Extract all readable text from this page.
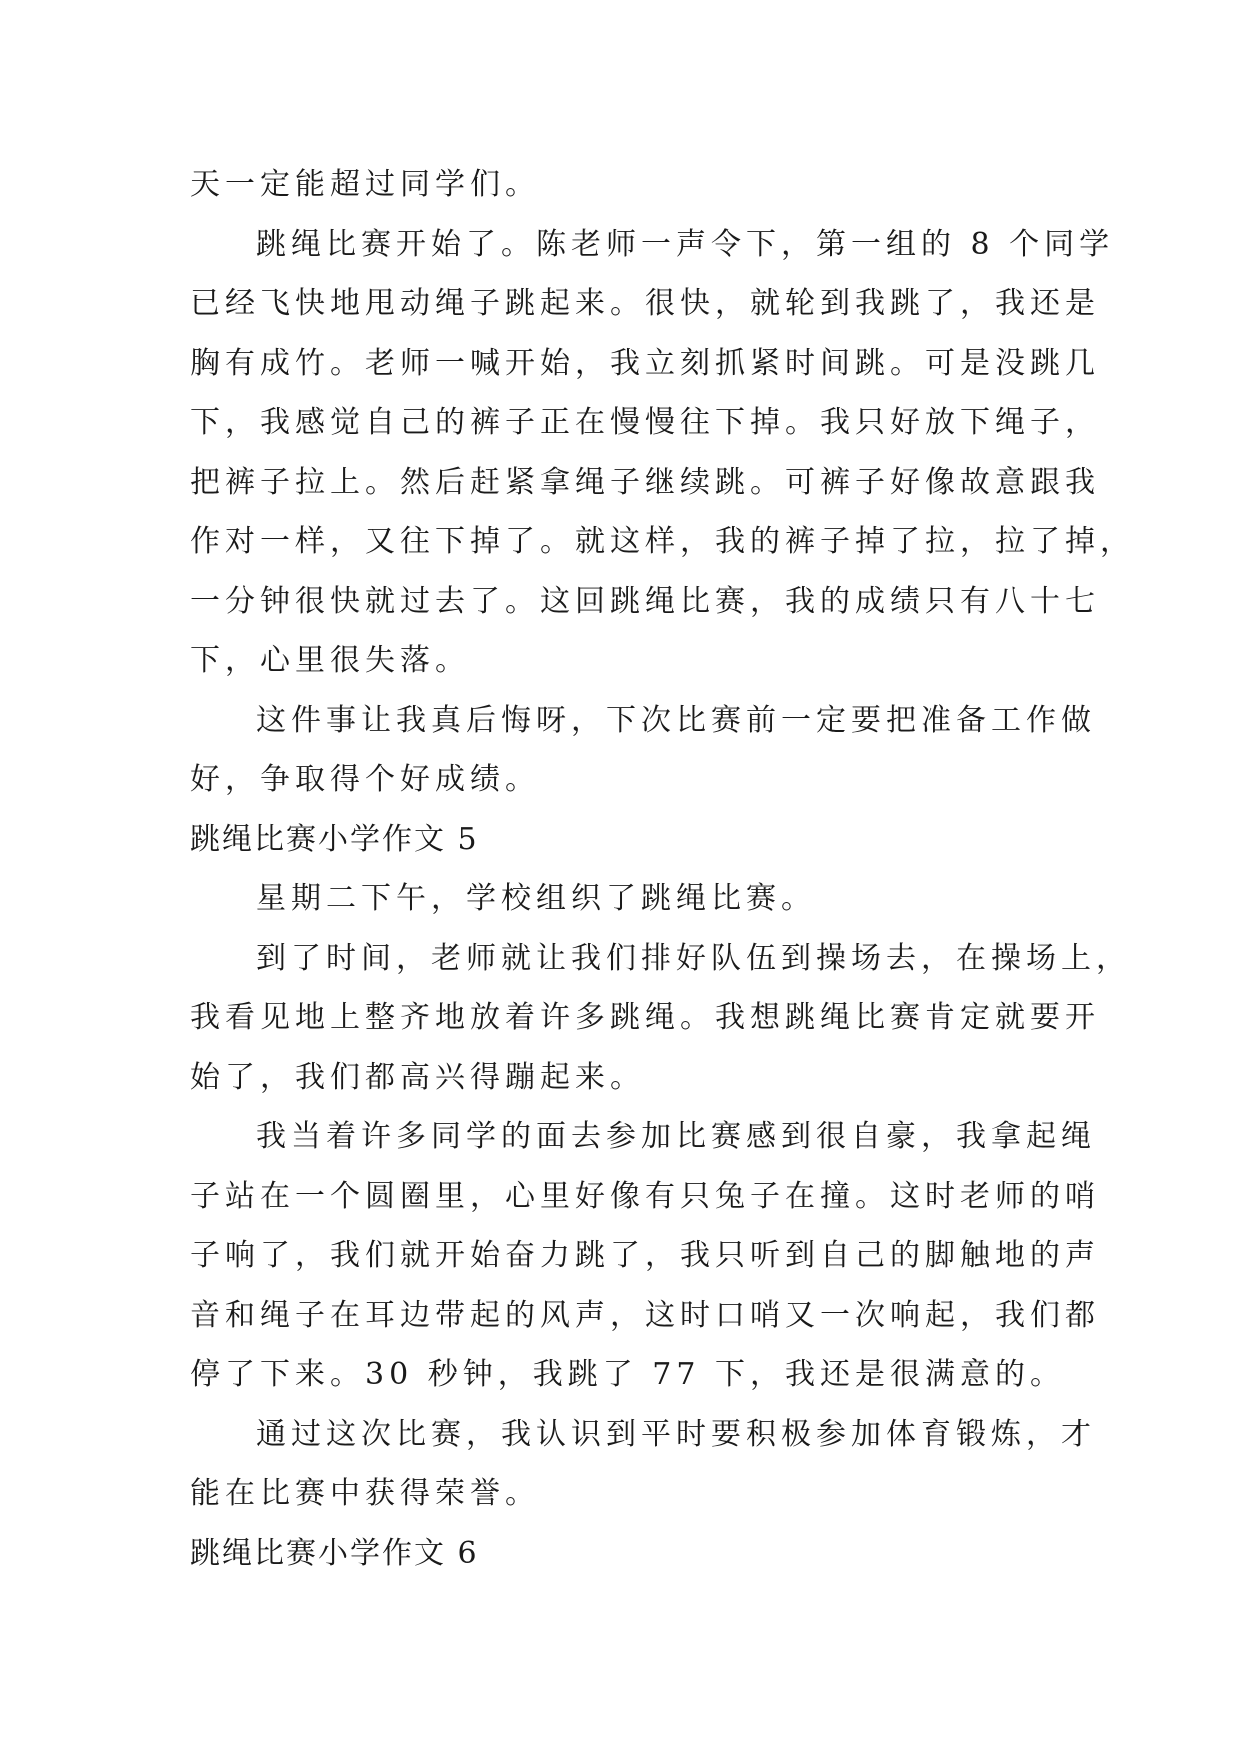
天一定能超过同学们。

跳绳比赛开始了。陈老师一声令下，第一组的 8 个同学

已经飞快地甩动绳子跳起来。很快，就轮到我跳了，我还是

胸有成竹。老师一喊开始，我立刻抓紧时间跳。可是没跳几

下，我感觉自己的裤子正在慢慢往下掉。我只好放下绳子，

把裤子拉上。然后赶紧拿绳子继续跳。可裤子好像故意跟我

作对一样，又往下掉了。就这样，我的裤子掉了拉，拉了掉，

一分钟很快就过去了。这回跳绳比赛，我的成绩只有八十七

下，心里很失落。

这件事让我真后悔呀，下次比赛前一定要把准备工作做

好，争取得个好成绩。

跳绳比赛小学作文 5

星期二下午，学校组织了跳绳比赛。

到了时间，老师就让我们排好队伍到操场去，在操场上，

我看见地上整齐地放着许多跳绳。我想跳绳比赛肯定就要开

始了，我们都高兴得蹦起来。

我当着许多同学的面去参加比赛感到很自豪，我拿起绳

子站在一个圆圈里，心里好像有只兔子在撞。这时老师的哨

子响了，我们就开始奋力跳了，我只听到自己的脚触地的声

音和绳子在耳边带起的风声，这时口哨又一次响起，我们都

停了下来。30 秒钟，我跳了 77 下，我还是很满意的。

通过这次比赛，我认识到平时要积极参加体育锻炼，才

能在比赛中获得荣誉。

跳绳比赛小学作文 6
